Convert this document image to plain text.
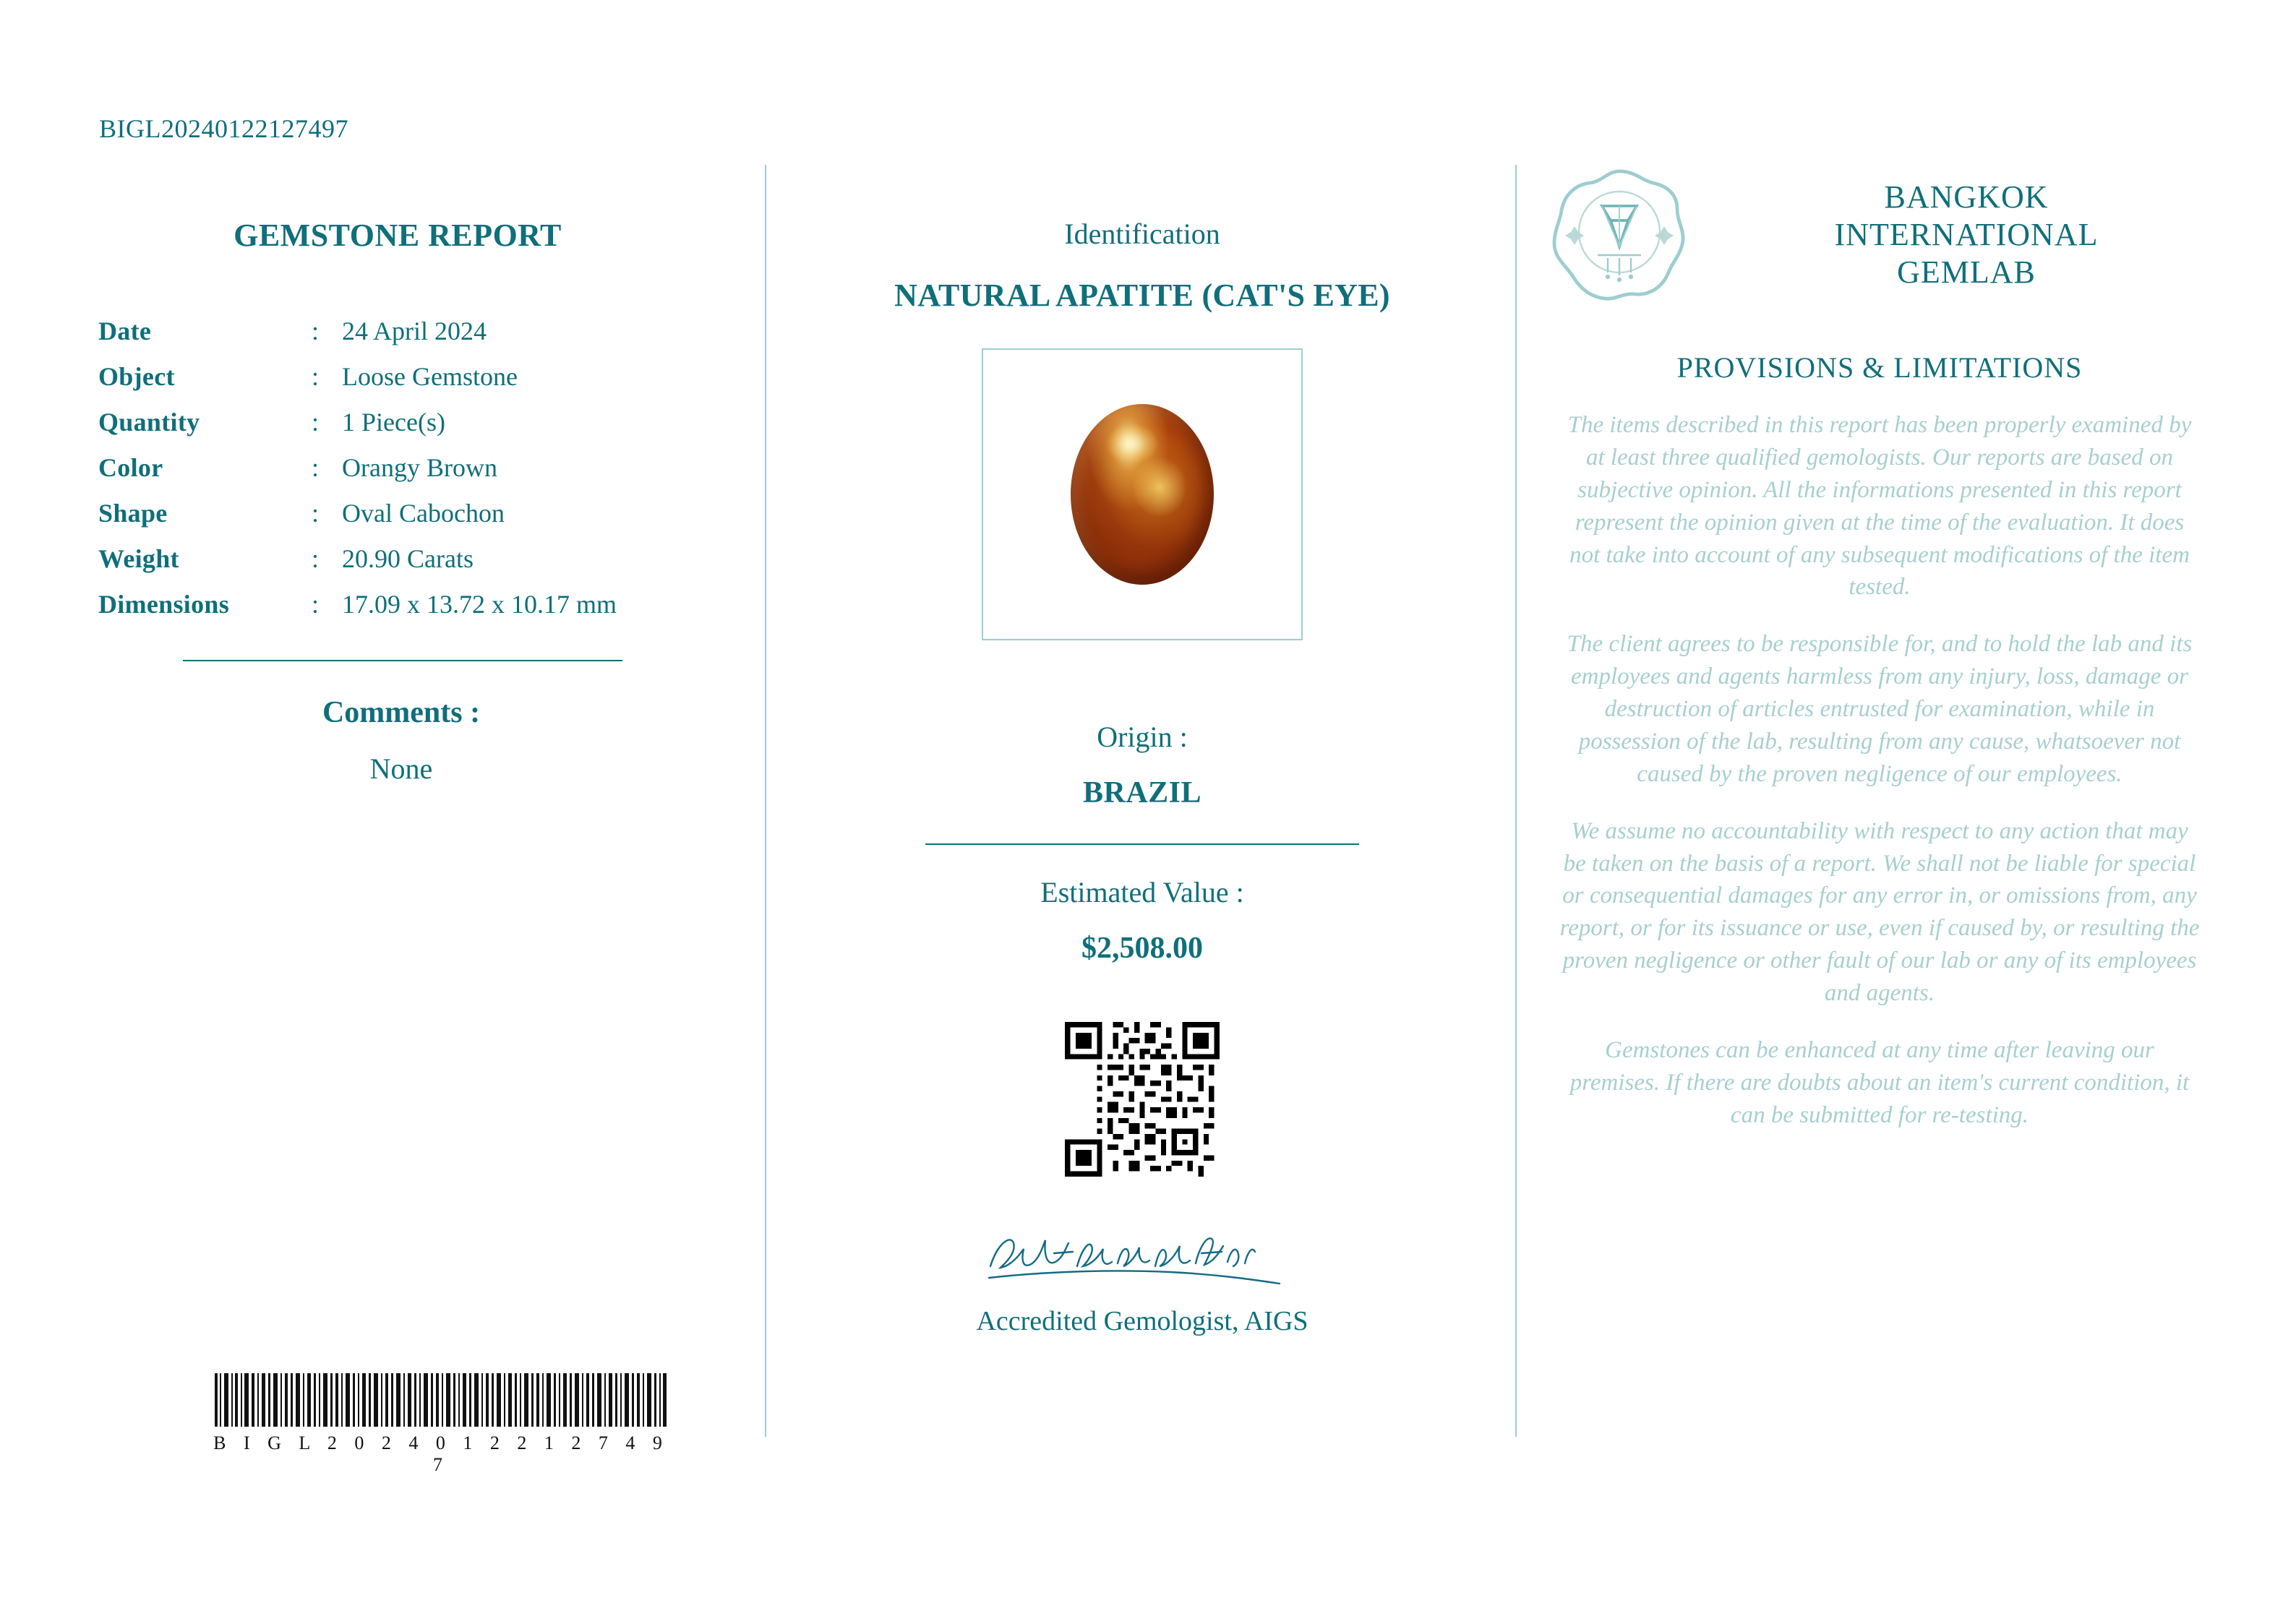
BIGL20240122127497
GEMSTONE REPORT
Date	:	24 April 2024
Object	:	Loose Gemstone
Quantity	:	1 Piece(s)
Color	:	Orangy Brown
Shape	:	Oval Cabochon
Weight	:	20.90 Carats
Dimensions	:	17.09 x 13.72 x 10.17 mm
Comments :
None
B I G L 2 0 2 4 0 1 2 2 1 2 7 4 9 7
Identification
NATURAL APATITE (CAT'S EYE)
Origin :
BRAZIL
Estimated Value :
$2,508.00
Accredited Gemologist, AIGS
BANGKOK
INTERNATIONAL
GEMLAB
PROVISIONS & LIMITATIONS

The items described in this report has been properly examined by at least three qualified gemologists. Our reports are based on subjective opinion. All the informations presented in this report represent the opinion given at the time of the evaluation. It does not take into account of any subsequent modifications of the item tested.

The client agrees to be responsible for, and to hold the lab and its employees and agents harmless from any injury, loss, damage or destruction of articles entrusted for examination, while in possession of the lab, resulting from any cause, whatsoever not caused by the proven negligence of our employees.

We assume no accountability with respect to any action that may be taken on the basis of a report. We shall not be liable for special or consequential damages for any error in, or omissions from, any report, or for its issuance or use, even if caused by, or resulting the proven negligence or other fault of our lab or any of its employees and agents.

Gemstones can be enhanced at any time after leaving our premises. If there are doubts about an item's current condition, it can be submitted for re-testing.
